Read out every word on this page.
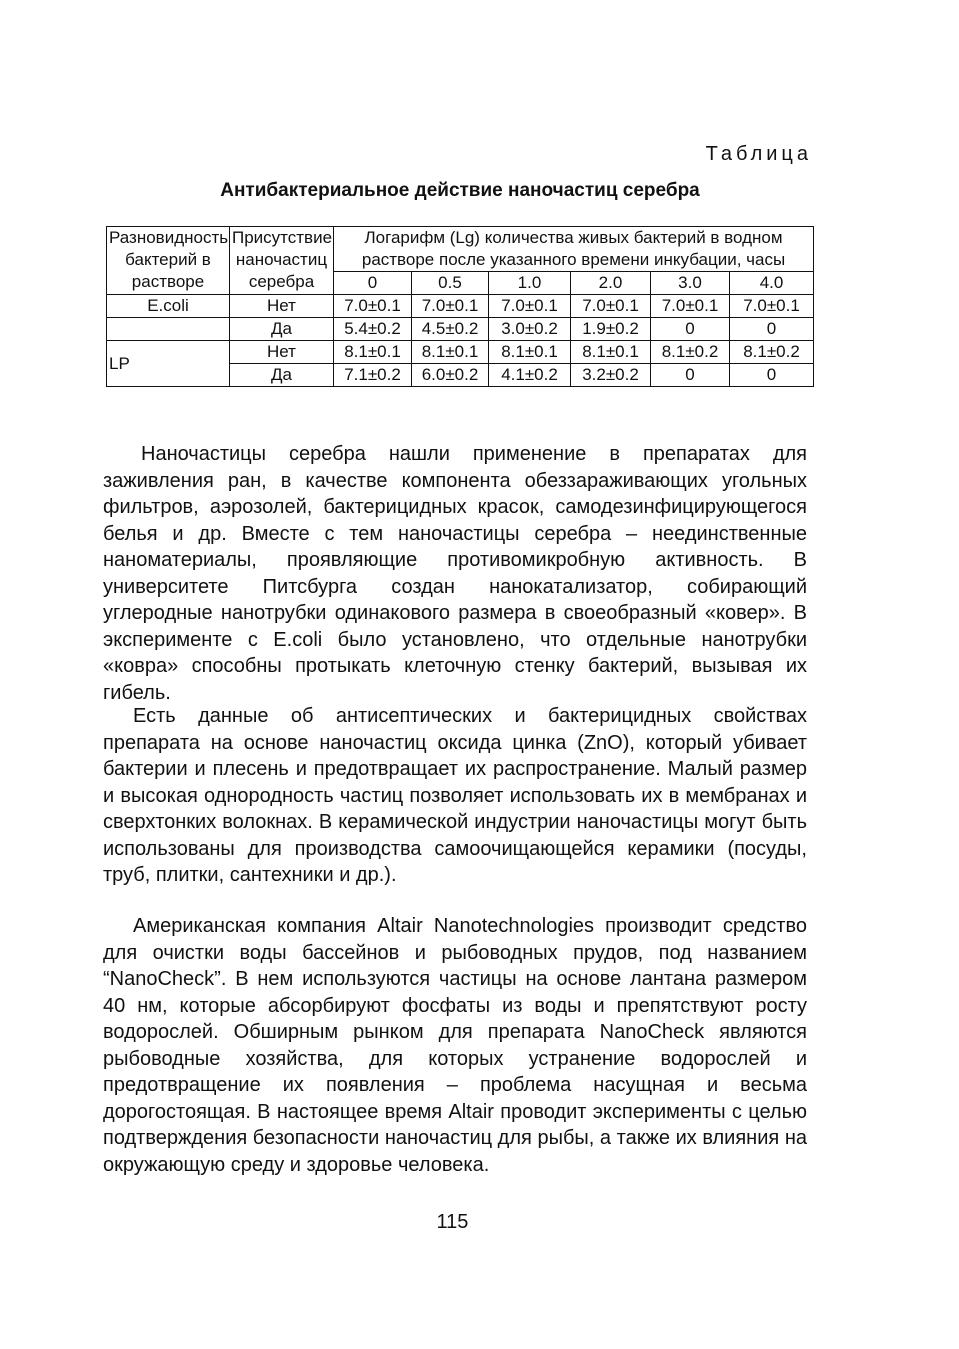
Таблица
Антибактериальное действие наночастиц серебра
Разновидность бактерий в растворе	Присутствие наночастиц серебра	Логарифм (Lg) количества живых бактерий в водном растворе после указанного времени инкубации, часы					
		0	0.5	1.0	2.0	3.0	4.0
E.coli	Нет	7.0±0.1	7.0±0.1	7.0±0.1	7.0±0.1	7.0±0.1	7.0±0.1
	Да	5.4±0.2	4.5±0.2	3.0±0.2	1.9±0.2	0	0
LP	Нет	8.1±0.1	8.1±0.1	8.1±0.1	8.1±0.1	8.1±0.2	8.1±0.2
	Да	7.1±0.2	6.0±0.2	4.1±0.2	3.2±0.2	0	0

Наночастицы серебра нашли применение в препаратах для заживления ран, в качестве компонента обеззараживающих угольных фильтров, аэрозолей, бактерицидных красок, самодезинфицирующегося белья и др. Вместе с тем наночастицы серебра – неединственные наноматериалы, проявляющие противомикробную активность. В университете Питсбурга создан нанокатализатор, собирающий углеродные нанотрубки одинакового размера в своеобразный «ковер». В эксперименте с E.coli было установлено, что отдельные нанотрубки «ковра» способны протыкать клеточную стенку бактерий, вызывая их гибель.

Есть данные об антисептических и бактерицидных свойствах препарата на основе наночастиц оксида цинка (ZnO), который убивает бактерии и плесень и предотвращает их распространение. Малый размер и высокая однородность частиц позволяет использовать их в мембранах и сверхтонких волокнах. В керамической индустрии наночастицы могут быть использованы для производства самоочищающейся керамики (посуды, труб, плитки, сантехники и др.).

Американская компания Altair Nanotechnologies производит средство для очистки воды бассейнов и рыбоводных прудов, под названием “NanoCheck”. В нем используются частицы на основе лантана размером 40 нм, которые абсорбируют фосфаты из воды и препятствуют росту водорослей. Обширным рынком для препарата NanoCheck являются рыбоводные хозяйства, для которых устранение водорослей и предотвращение их появления – проблема насущная и весьма дорогостоящая. В настоящее время Altair проводит эксперименты с целью подтверждения безопасности наночастиц для рыбы, а также их влияния на окружающую среду и здоровье человека.

115
